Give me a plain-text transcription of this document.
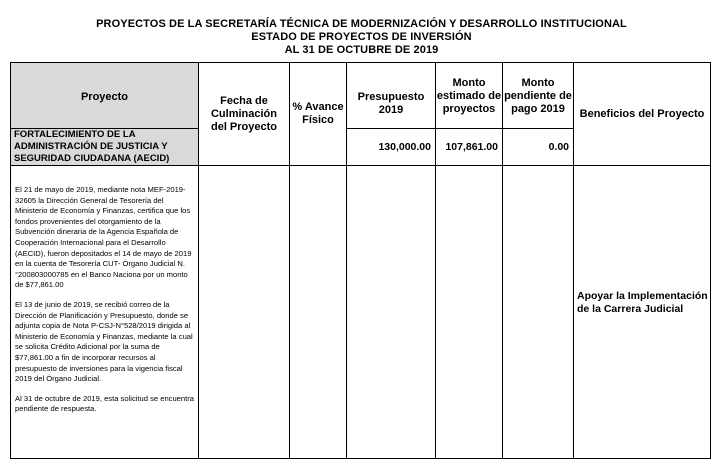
PROYECTOS DE LA SECRETARÍA TÉCNICA DE MODERNIZACIÓN Y DESARROLLO INSTITUCIONAL
ESTADO DE PROYECTOS DE INVERSIÓN
AL 31 DE OCTUBRE DE 2019
Proyecto	Fecha de Culminación del Proyecto	% Avance Físico	Presupuesto 2019	Monto estimado de proyectos	Monto pendiente de pago 2019	Beneficios del Proyecto
FORTALECIMIENTO DE LA ADMINISTRACIÓN DE JUSTICIA Y SEGURIDAD CIUDADANA (AECID)			130,000.00	107,861.00	0.00	

El 21 de mayo de 2019, mediante nota MEF-2019-32605 la Dirección General de Tesorería del Ministerio de Economía y Finanzas, certifica que los fondos provenientes del otorgamiento de la Subvención dineraria de la Agencia Española de Cooperación Internacional para el Desarrollo (AECID), fueron depositados el 14 de mayo de 2019 en la cuenta de Tesorería CUT- Órgano Judicial N.°200803000785 en el Banco Naciona por un monto de $77,861.00

El 13 de junio de 2019, se recibió correo de la Dirección de Planificación y Presupuesto, donde se adjunta copia de Nota P-CSJ-N°528/2019 dirigida al Ministerio de Economía y Finanzas, mediante la cual se solicita Crédito Adicional por la suma de $77,861.00 a fin de incorporar recursos al presupuesto de inversiones para la vigencia fiscal 2019 del Órgano Judicial.

Al 31 de octubre de 2019, esta solicitud se encuentra pendiente de respuesta.						Apoyar la Implementación de la Carrera Judicial
